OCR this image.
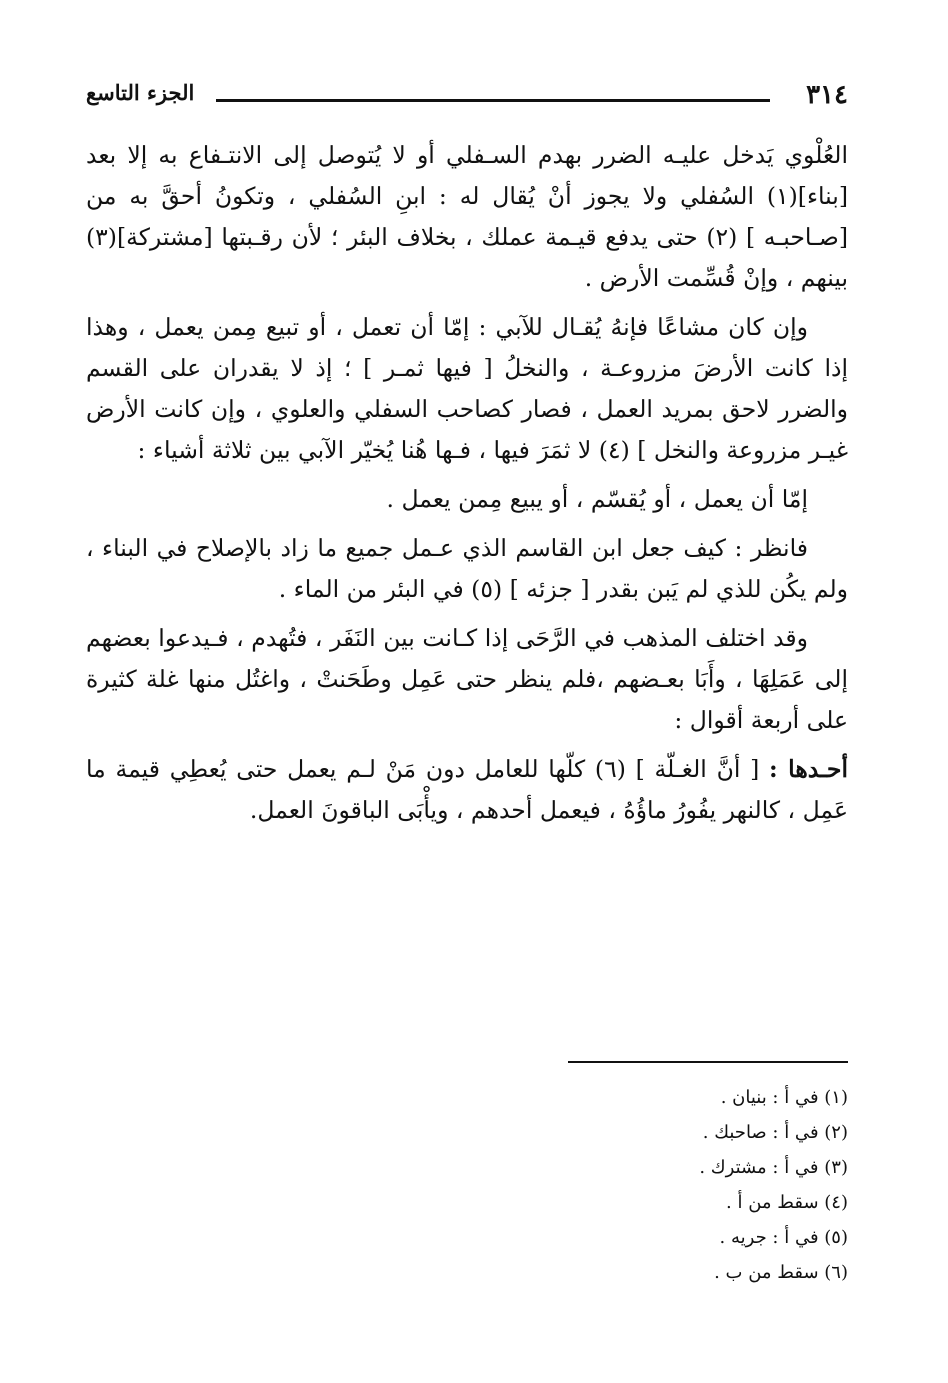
٣١٤
الجزء التاسع

العُلْوي يَدخل عليـه الضرر بهدم السـفلي أو لا يُتوصل إلى الانتـفاع به إلا بعد [بناء](١) السُفلي ولا يجوز أنْ يُقال له : ابنِ السُفلي ، وتكونُ أحقَّ به من [صـاحبـه ] (٢) حتى يدفع قيـمة عملك ، بخلاف البئر ؛ لأن رقـبتها [مشتركة](٣) بينهم ، وإنْ قُسِّمت الأرض .

وإن كان مشاعًا فإنهُ يُقـال للآبي : إمّا أن تعمل ، أو تبيع مِمن يعمل ، وهذا إذا كانت الأرضَ مزروعـة ، والنخلُ [ فيها ثمـر ] ؛ إذ لا يقدران على القسم والضرر لاحق بمريد العمل ، فصار كصاحب السفلي والعلوي ، وإن كانت الأرض غيـر مزروعة والنخل ] (٤) لا ثمَرَ فيها ، فـها هُنا يُخيّر الآبي بين ثلاثة أشياء :

إمّا أن يعمل ، أو يُقسّم ، أو يبيع مِمن يعمل .

فانظر : كيف جعل ابن القاسم الذي عـمل جميع ما زاد بالإصلاح في البناء ، ولم يكُن للذي لم يَبن بقدر [ جزئه ] (٥) في البئر من الماء .

وقد اختلف المذهب في الرَّحَى إذا كـانت بين النَفَر ، فتُهدم ، فـيدعوا بعضهم إلى عَمَلِهَا ، وأَبَا بعـضهم ،فلم ينظر حتى عَمِل وطَحَنتْ ، واغتُل منها غلة كثيرة على أربعة أقوال :

أحـدها : [ أنَّ الغـلّة ] (٦) كلّها للعامل دون مَنْ لـم يعمل حتى يُعطِي قيمة ما عَمِل ، كالنهر يفُورُ ماؤُهُ ، فيعمل أحدهم ، ويأْبَى الباقونَ العمل.

(١) في أ : بنيان .

(٢) في أ : صاحبك .

(٣) في أ : مشترك .

(٤) سقط من أ .

(٥) في أ : جريه .

(٦) سقط من ب .
